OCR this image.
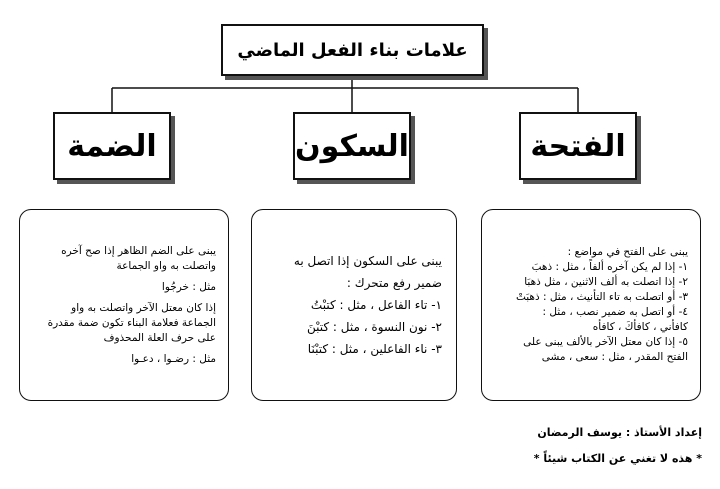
علامات بناء الفعل الماضي
الفتحة
السكون
الضمة

يبنى على الفتح في مواضع :

١- إذا لم يكن آخره ألفاً ، مثل : ذهبَ

٢- إذا اتصلت به ألف الاثنين ، مثل ذهبَا

٣- أو اتصلت به تاء التأنيث ، مثل : ذهبَتْ

٤- أو اتصل به ضمير نصب ، مثل :

كافأني ، كافأكَ ، كافأه

٥- إذا كان معتل الآخر بالألف يبنى على

الفتح المقدر ، مثل : سعى ، مشى

يبنى على السكون إذا اتصل به

ضمير رفع متحرك :

١- تاء الفاعل ، مثل : كتبْتُ

٢- نون النسوة ، مثل : كتبْنَ

٣- ناء الفاعلين ، مثل : كتبْنَا

يبنى على الضم الظاهر إذا صح آخره

واتصلت به واو الجماعة

مثل : خرجُوا

إذا كان معتل الآخر واتصلت به واو

الجماعة فعلامة البناء تكون ضمة مقدرة

على حرف العلة المحذوف

مثل : رضـوا ، دعـوا

إعداد الأستاذ : يوسف الرمضان
* هذه لا تغني عن الكتاب شيئاً *
